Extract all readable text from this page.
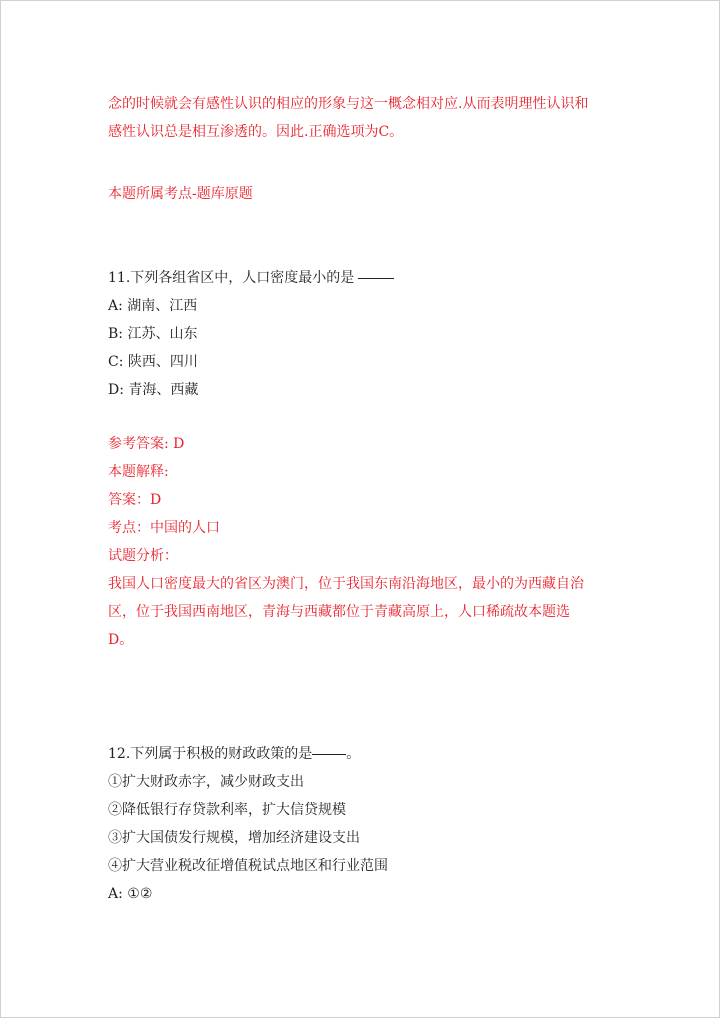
念的时候就会有感性认识的相应的形象与这一概念相对应.从而表明理性认识和
感性认识总是相互渗透的。因此.正确选项为C。
本题所属考点-题库原题
11.下列各组省区中，人口密度最小的是
A: 湖南、江西
B: 江苏、山东
C: 陕西、四川
D: 青海、西藏
参考答案: D
本题解释:
答案：D
考点：中国的人口
试题分析：
我国人口密度最大的省区为澳门，位于我国东南沿海地区，最小的为西藏自治
区，位于我国西南地区，青海与西藏都位于青藏高原上，人口稀疏故本题选
D。
12.下列属于积极的财政政策的是 。
①扩大财政赤字，减少财政支出
②降低银行存贷款利率，扩大信贷规模
③扩大国债发行规模，增加经济建设支出
④扩大营业税改征增值税试点地区和行业范围
A: ①②
